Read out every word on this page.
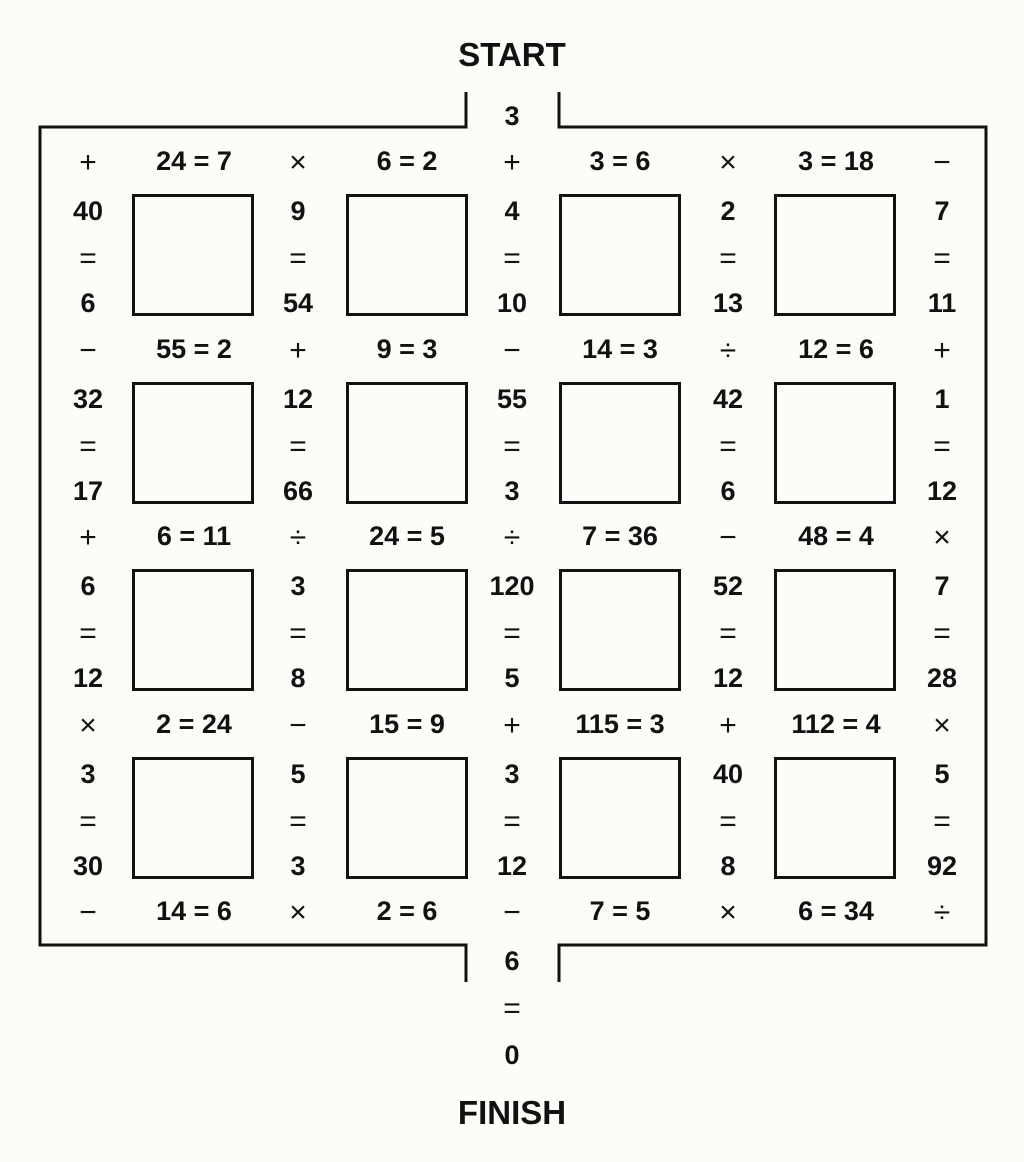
START
3
+	×	+	×	−
24 = 7	6 = 2	3 = 6	3 = 18
−	+	−	÷	+
55 = 2	9 = 3	14 = 3	12 = 6
+	÷	÷	−	×
6 = 11	24 = 5	7 = 36	48 = 4
×	−	+	+	×
2 = 24	15 = 9	115 = 3	112 = 4
−	×	−	×	÷
14 = 6	2 = 6	7 = 5	6 = 34
40
=
6
9
=
54
4
=
10
2
=
13
7
=
11
32
=
17
12
=
66
55
=
3
42
=
6
1
=
12
6
=
12
3
=
8
120
=
5
52
=
12
7
=
28
3
=
30
5
=
3
3
=
12
40
=
8
5
=
92
6
=
0
FINISH
